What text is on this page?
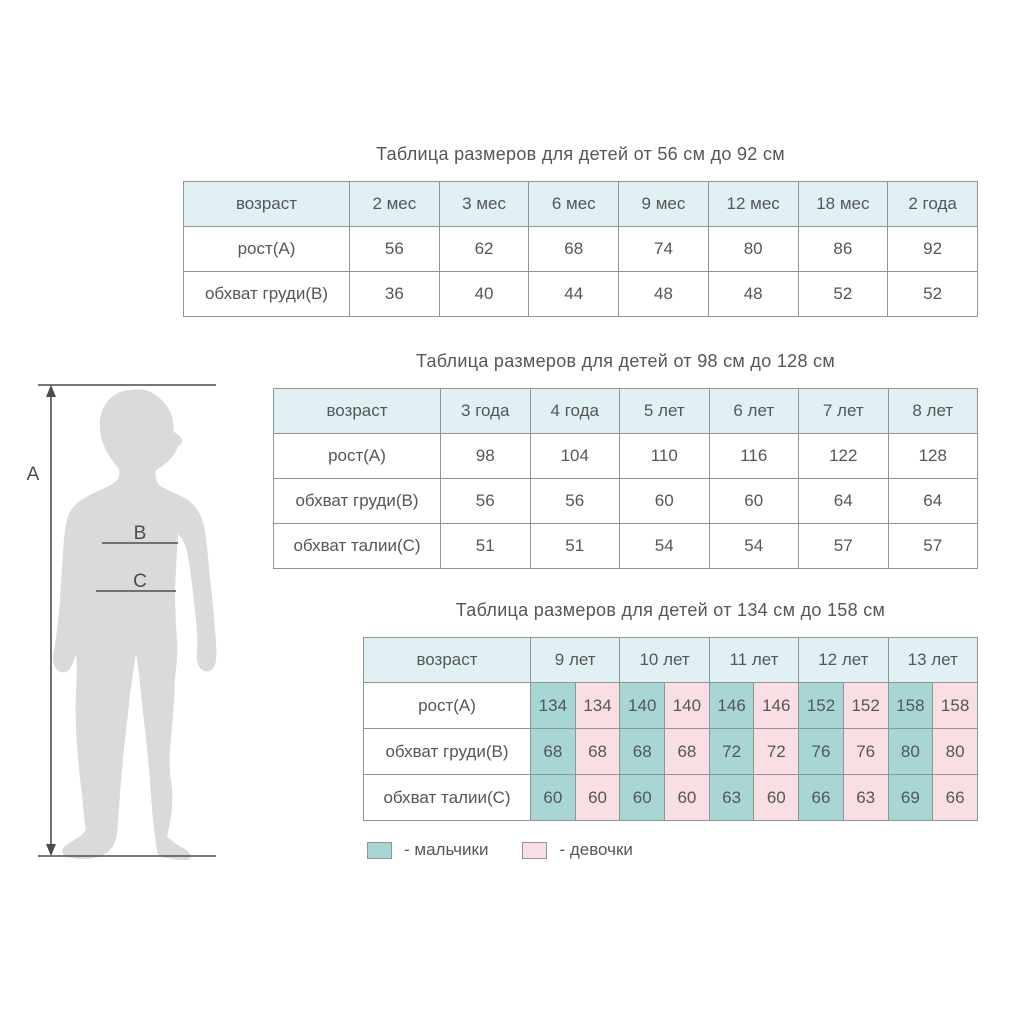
A
B
C
Таблица размеров для детей от 56 см до 92 см
возраст	2 мес	3 мес	6 мес	9 мес	12 мес	18 мес	2 года
рост(A)	56	62	68	74	80	86	92
обхват груди(B)	36	40	44	48	48	52	52
Таблица размеров для детей от 98 см до 128 см
возраст	3 года	4 года	5 лет	6 лет	7 лет	8 лет
рост(A)	98	104	110	116	122	128
обхват груди(B)	56	56	60	60	64	64
обхват талии(C)	51	51	54	54	57	57
Таблица размеров для детей от 134 см до 158 см
возраст	9 лет		10 лет		11 лет		12 лет		13 лет	
рост(A)	134	134	140	140	146	146	152	152	158	158
обхват груди(B)	68	68	68	68	72	72	76	76	80	80
обхват талии(C)	60	60	60	60	63	60	66	63	69	66
- мальчики	- девочки
